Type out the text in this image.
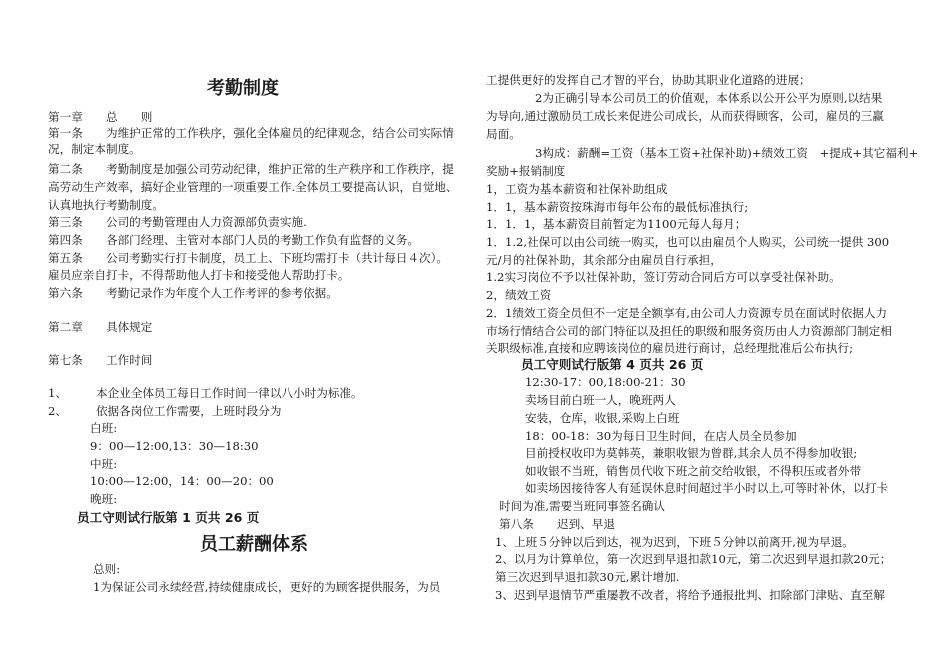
考勤制度
第一章　　总　　则
第一条　　为维护正常的工作秩序，强化全体雇员的纪律观念，结合公司实际情
况，制定本制度。
第二条　　考勤制度是加强公司劳动纪律，维护正常的生产秩序和工作秩序，提
高劳动生产效率，搞好企业管理的一项重要工作.全体员工要提高认识，自觉地、
认真地执行考勤制度。
第三条　　公司的考勤管理由人力资源部负责实施.
第四条　　各部门经理、主管对本部门人员的考勤工作负有监督的义务。
第五条　　公司考勤实行打卡制度，员工上、下班均需打卡（共计每日４次）。
雇员应亲自打卡，不得帮助他人打卡和接受他人帮助打卡。
第六条　　考勤记录作为年度个人工作考评的参考依据。
第二章　　具体规定
第七条　　工作时间
1、　　　本企业全体员工每日工作时间一律以八小时为标准。
2、　　　依据各岗位工作需要，上班时段分为
白班:
9：00—12:00,13：30—18:30
中班:
10:00—12:00，14：00—20：00
晚班:
员工守则试行版第 1 页共 26 页
员工薪酬体系
总则:
1为保证公司永续经营,持续健康成长，更好的为顾客提供服务，为员
工提供更好的发挥自己才智的平台，协助其职业化道路的进展；
2为正确引导本公司员工的价值观，本体系以公开公平为原则,以结果
为导向,通过激励员工成长来促进公司成长，从而获得顾客，公司，雇员的三赢
局面。
3构成：薪酬=工资（基本工资+社保补助)+绩效工资　+提成+其它福利+
奖励+报销制度
1，工资为基本薪资和社保补助组成
1．1，基本薪资按珠海市每年公布的最低标准执行;
1．1．1，基本薪资目前暂定为1100元每人每月；
1．1.2,社保可以由公司统一购买，也可以由雇员个人购买，公司统一提供 300
元/月的社保补助，其余部分由雇员自行承担，
1.2实习岗位不予以社保补助，签订劳动合同后方可以享受社保补助。
2，绩效工资
2．1绩效工资全员但不一定是全额享有,由公司人力资源专员在面试时依据人力
市场行情结合公司的部门特征以及担任的职级和服务资历由人力资源部门制定相
关职级标准,直接和应聘该岗位的雇员进行商讨，总经理批准后公布执行;
员工守则试行版第 4 页共 26 页
12:30-17：00,18:00-21：30
卖场目前白班一人，晚班两人
安装，仓库，收银,采购上白班
18：00-18：30为每日卫生时间，在店人员全员参加
目前授权收印为莫韩英，兼职收银为曾群,其余人员不得参加收银;
如收银不当班，销售员代收下班之前交给收银，不得积压或者外带
如卖场因接待客人有延误休息时间超过半小时以上,可等时补休，以打卡
时间为准,需要当班同事签名确认
第八条　　迟到、早退
1、上班５分钟以后到达，视为迟到，下班５分钟以前离开,视为早退。
2、以月为计算单位，第一次迟到早退扣款10元，第二次迟到早退扣款20元；
第三次迟到早退扣款30元,累计增加.
3、迟到早退情节严重屡教不改者，将给予通报批判、扣除部门津贴、直至解
